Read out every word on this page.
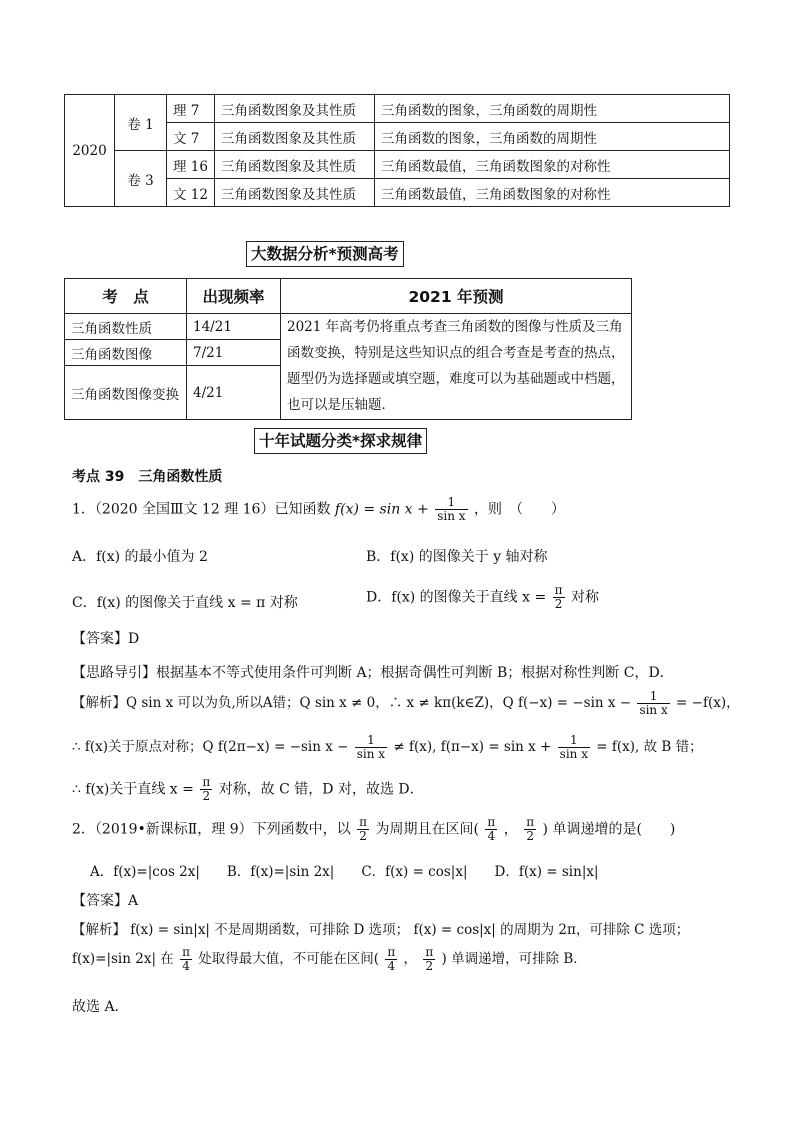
2020	卷 1	理 7	三角函数图象及其性质	三角函数的图象，三角函数的周期性
		文 7	三角函数图象及其性质	三角函数的图象，三角函数的周期性
	卷 3	理 16	三角函数图象及其性质	三角函数最值，三角函数图象的对称性
		文 12	三角函数图象及其性质	三角函数最值，三角函数图象的对称性
大数据分析*预测高考
考　点	出现频率	2021 年预测
三角函数性质	14/21	2021 年高考仍将重点考查三角函数的图像与性质及三角函数变换，特别是这些知识点的组合考查是考查的热点，题型仍为选择题或填空题，难度可以为基础题或中档题，也可以是压轴题．
三角函数图像	7/21	
三角函数图像变换	4/21	
十年试题分类*探求规律
考点 39　三角函数性质
1．（2020 全国Ⅲ文 12 理 16）已知函数 $f(x) = \sin x + \frac{1}{\text{sin x}}$ ，则　（　　）
A．f(x) 的最小值为 2	B．f(x) 的图像关于 y 轴对称
C．f(x) 的图像关于直线 x = π 对称	D．f(x) 的图像关于直线 $x = \frac{\pi}{2}$ 对称
【答案】D
【思路导引】根据基本不等式使用条件可判断 A；根据奇偶性可判断 B；根据对称性判断 C，D．
【解析】Q sin x 可以为负,所以A错；Q sin x ≠ 0，∴ x ≠ kπ(k∈Z)，Q f(−x) = −sin $x - \frac{1}{\text{sin x}} = -f(x)$，
∴ f(x)关于原点对称；Q f(2π−x) = −sin $x - \frac{1}{\text{sin x}} \ne f(x)$, $f(\pi-x) = \sin x + \frac{1}{\text{sin x}} = f(x)$, 故 B 错；
∴ f(x)关于直线 $x = \frac{\pi}{2}$ 对称，故 C 错，D 对，故选 D．
2．（2019•新课标Ⅱ，理 9）下列函数中，以 $\frac{\pi}{2}$ 为周期且在区间( $\frac{\pi}{4}$ ， $\frac{\pi}{2}$ ) 单调递增的是(　　)
A．f(x)=|cos 2x|　　B．f(x)=|sin 2x|　　C．f(x) = cos|x|　　D．f(x) = sin|x|
【答案】A
【解析】 f(x) = sin|x| 不是周期函数，可排除 D 选项； f(x) = cos|x| 的周期为 2π，可排除 C 选项；
f(x)=|sin 2x| 在 $\frac{\pi}{4}$ 处取得最大值，不可能在区间( $\frac{\pi}{4}$ ， $\frac{\pi}{2}$ ) 单调递增，可排除 B．
故选 A．
